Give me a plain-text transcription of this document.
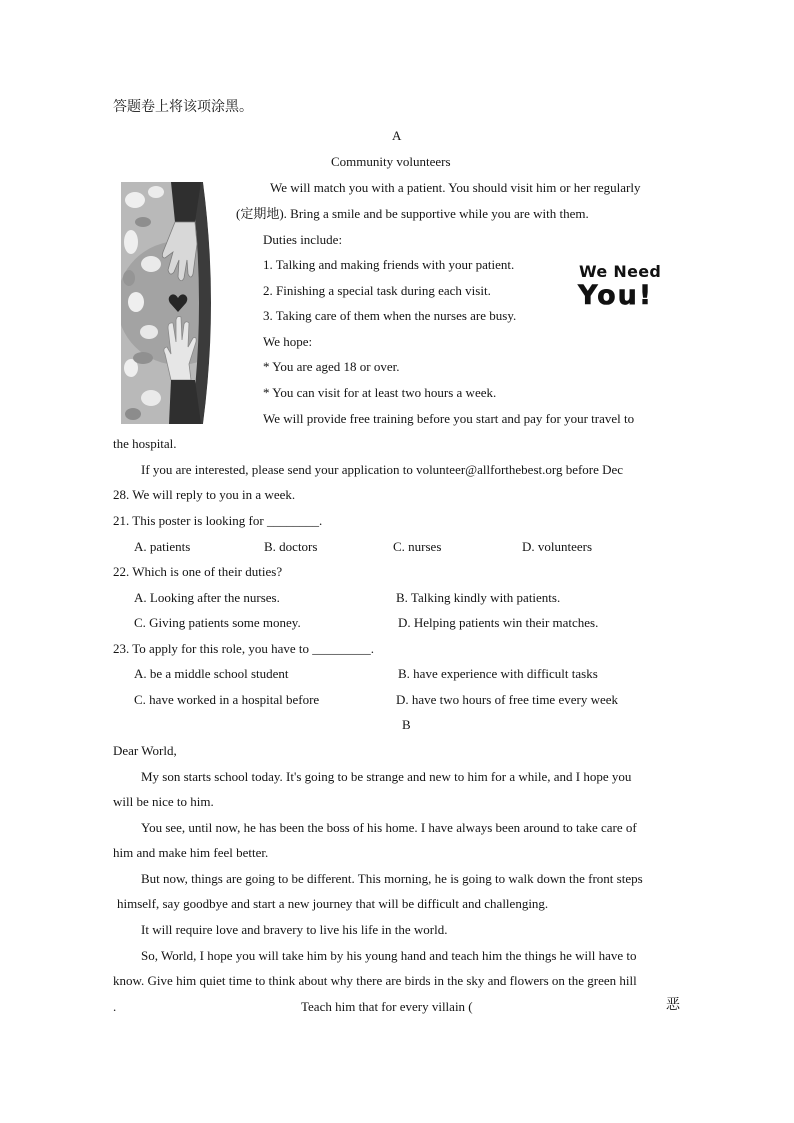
答题卷上将该项涂黑。
A
Community volunteers
We will match you with a patient. You should visit him or her regularly
(定期地). Bring a smile and be supportive while you are with them.
Duties include:
1. Talking and making friends with your patient.
2. Finishing a special task during each visit.
3. Taking care of them when the nurses are busy.
We hope:
* You are aged 18 or over.
* You can visit for at least two hours a week.
We will provide free training before you start and pay for your travel to
the hospital.
If you are interested, please send your application to volunteer@allforthebest.org before Dec
28. We will reply to you in a week.
We Need
You!
21. This poster is looking for ________.
A. patients	B. doctors	C. nurses	D. volunteers
22. Which is one of their duties?
A. Looking after the nurses.	B. Talking kindly with patients.
C. Giving patients some money.	D. Helping patients win their matches.
23. To apply for this role, you have to _________.
A. be a middle school student	B. have experience with difficult tasks
C. have worked in a hospital before	D. have two hours of free time every week
B
Dear World,
My son starts school today. It's going to be strange and new to him for a while, and I hope you
will be nice to him.
You see, until now, he has been the boss of his home. I have always been around to take care of
him and make him feel better.
But now, things are going to be different. This morning, he is going to walk down the front steps
himself, say goodbye and start a new journey that will be difficult and challenging.
It will require love and bravery to live his life in the world.
So, World, I hope you will take him by his young hand and teach him the things he will have to
know. Give him quiet time to think about why there are birds in the sky and flowers on the green hill
.	Teach him that for every villain (	恶
